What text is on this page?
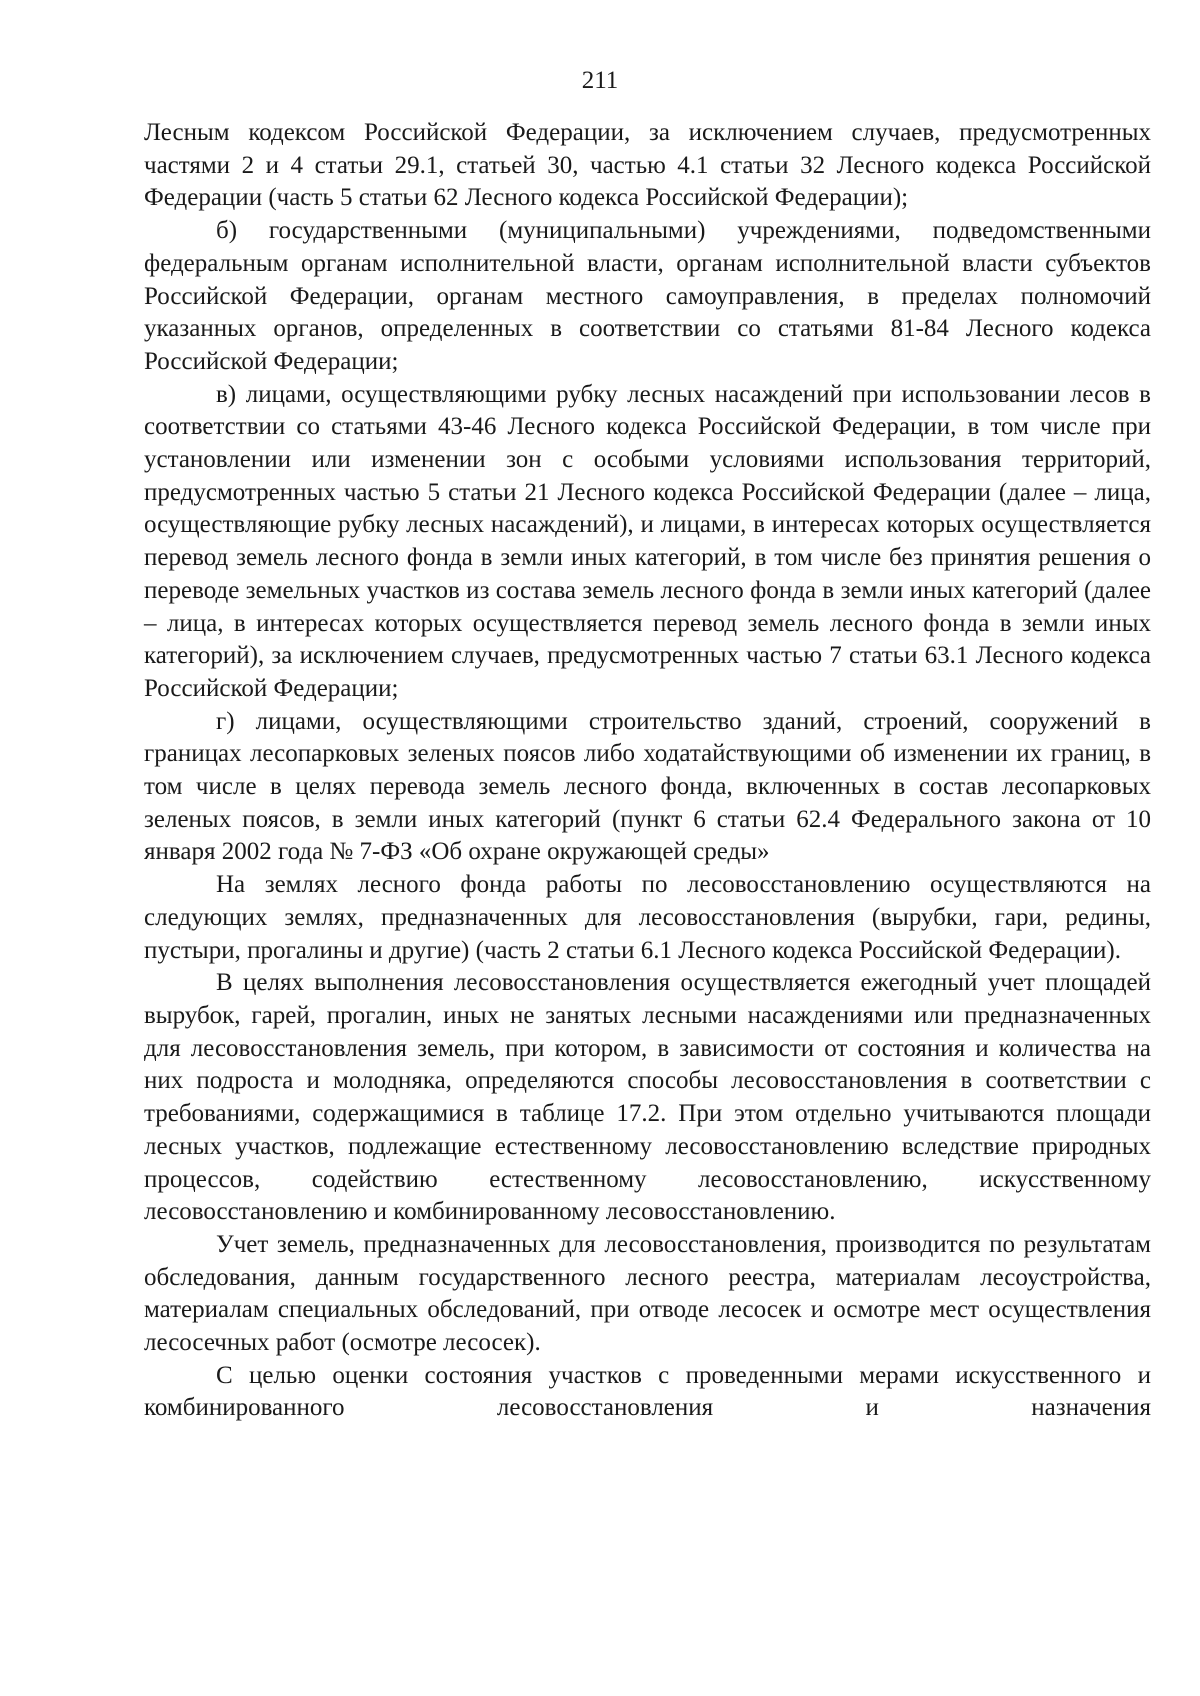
211

Лесным кодексом Российской Федерации, за исключением случаев, предусмотренных частями 2 и 4 статьи 29.1, статьей 30, частью 4.1 статьи 32 Лесного кодекса Российской Федерации (часть 5 статьи 62 Лесного кодекса Российской Федерации);

б) государственными (муниципальными) учреждениями, подведомственными федеральным органам исполнительной власти, органам исполнительной власти субъектов Российской Федерации, органам местного самоуправления, в пределах полномочий указанных органов, определенных в соответствии со статьями 81-84 Лесного кодекса Российской Федерации;

в) лицами, осуществляющими рубку лесных насаждений при использовании лесов в соответствии со статьями 43-46 Лесного кодекса Российской Федерации, в том числе при установлении или изменении зон с особыми условиями использования территорий, предусмотренных частью 5 статьи 21 Лесного кодекса Российской Федерации (далее – лица, осуществляющие рубку лесных насаждений), и лицами, в интересах которых осуществляется перевод земель лесного фонда в земли иных категорий, в том числе без принятия решения о переводе земельных участков из состава земель лесного фонда в земли иных категорий (далее – лица, в интересах которых осуществляется перевод земель лесного фонда в земли иных категорий), за исключением случаев, предусмотренных частью 7 статьи 63.1 Лесного кодекса Российской Федерации;

г) лицами, осуществляющими строительство зданий, строений, сооружений в границах лесопарковых зеленых поясов либо ходатайствующими об изменении их границ, в том числе в целях перевода земель лесного фонда, включенных в состав лесопарковых зеленых поясов, в земли иных категорий (пункт 6 статьи 62.4 Федерального закона от 10 января 2002 года № 7-ФЗ «Об охране окружающей среды»

На землях лесного фонда работы по лесовосстановлению осуществляются на следующих землях, предназначенных для лесовосстановления (вырубки, гари, редины, пустыри, прогалины и другие) (часть 2 статьи 6.1 Лесного кодекса Российской Федерации).

В целях выполнения лесовосстановления осуществляется ежегодный учет площадей вырубок, гарей, прогалин, иных не занятых лесными насаждениями или предназначенных для лесовосстановления земель, при котором, в зависимости от состояния и количества на них подроста и молодняка, определяются способы лесовосстановления в соответствии с требованиями, содержащимися в таблице 17.2. При этом отдельно учитываются площади лесных участков, подлежащие естественному лесовосстановлению вследствие природных процессов, содействию естественному лесовосстановлению, искусственному лесовосстановлению и комбинированному лесовосстановлению.

Учет земель, предназначенных для лесовосстановления, производится по результатам обследования, данным государственного лесного реестра, материалам лесоустройства, материалам специальных обследований, при отводе лесосек и осмотре мест осуществления лесосечных работ (осмотре лесосек).

С целью оценки состояния участков с проведенными мерами искусственного и комбинированного лесовосстановления и назначения
